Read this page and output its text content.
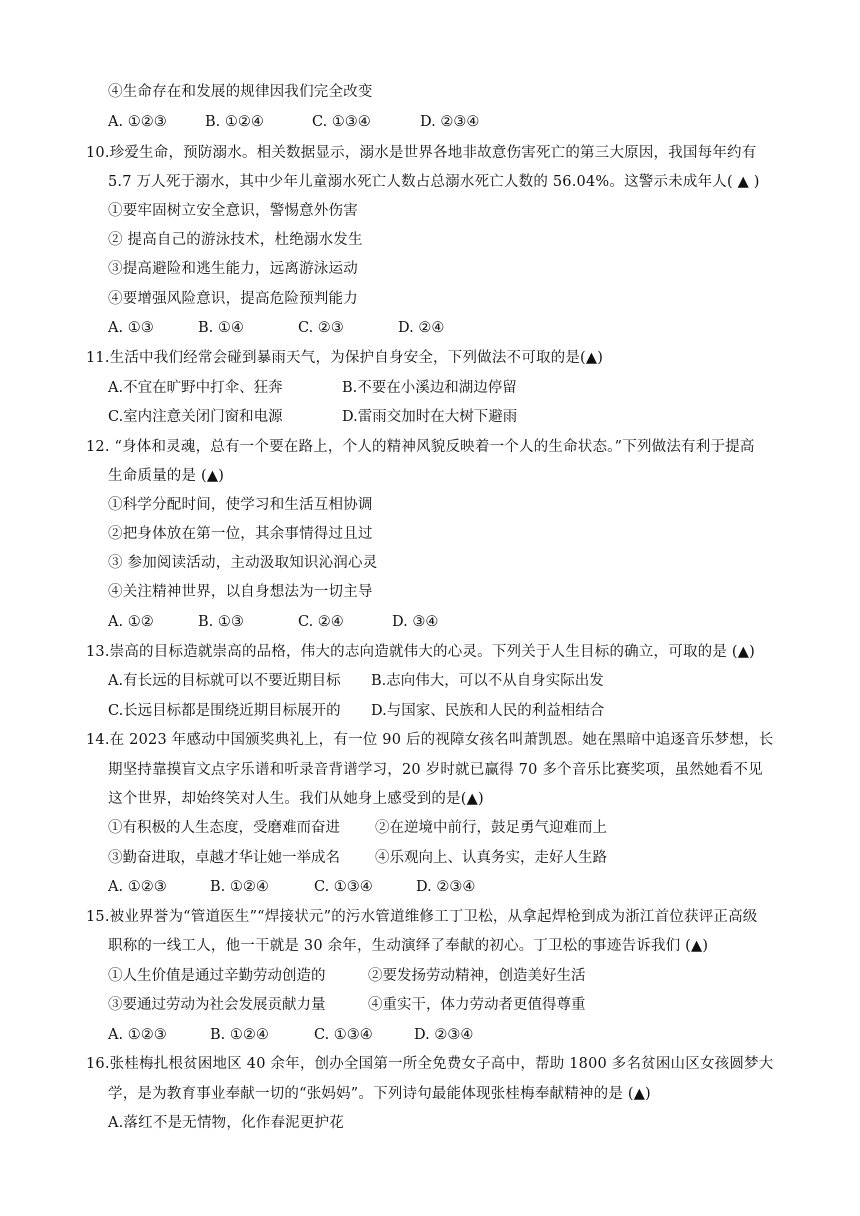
④生命存在和发展的规律因我们完全改变
A. ①②③	B. ①②④	C. ①③④	D. ②③④
10.珍爱生命，预防溺水。相关数据显示，溺水是世界各地非故意伤害死亡的第三大原因，我国每年约有
5.7 万人死于溺水，其中少年儿童溺水死亡人数占总溺水死亡人数的 56.04%。这警示未成年人( ▲ )
①要牢固树立安全意识，警惕意外伤害
② 提高自己的游泳技术，杜绝溺水发生
③提高避险和逃生能力，远离游泳运动
④要增强风险意识，提高危险预判能力
A. ①③	B. ①④	C. ②③	D. ②④
11.生活中我们经常会碰到暴雨天气，为保护自身安全，下列做法不可取的是(▲)
A.不宜在旷野中打伞、狂奔	B.不要在小溪边和湖边停留
C.室内注意关闭门窗和电源	D.雷雨交加时在大树下避雨
12. “身体和灵魂，总有一个要在路上，个人的精神风貌反映着一个人的生命状态。”下列做法有利于提高
生命质量的是 (▲)
①科学分配时间，使学习和生活互相协调
②把身体放在第一位，其余事情得过且过
③ 参加阅读活动，主动汲取知识沁润心灵
④关注精神世界，以自身想法为一切主导
A. ①②	B. ①③	C. ②④	D. ③④
13.崇高的目标造就崇高的品格，伟大的志向造就伟大的心灵。下列关于人生目标的确立，可取的是 (▲)
A.有长远的目标就可以不要近期目标 B.志向伟大，可以不从自身实际出发
C.长远目标都是围绕近期目标展开的 D.与国家、民族和人民的利益相结合
14.在 2023 年感动中国颁奖典礼上，有一位 90 后的视障女孩名叫萧凯恩。她在黑暗中追逐音乐梦想，长
期坚持靠摸盲文点字乐谱和听录音背谱学习，20 岁时就已赢得 70 多个音乐比赛奖项，虽然她看不见
这个世界，却始终笑对人生。我们从她身上感受到的是(▲)
①有积极的人生态度，受磨难而奋进 ②在逆境中前行，鼓足勇气迎难而上
③勤奋进取，卓越才华让她一举成名 ④乐观向上、认真务实，走好人生路
A. ①②③	B. ①②④	C. ①③④	D. ②③④
15.被业界誉为“管道医生”“焊接状元”的污水管道维修工丁卫松，从拿起焊枪到成为浙江首位获评正高级
职称的一线工人，他一干就是 30 余年，生动演绎了奉献的初心。丁卫松的事迹告诉我们 (▲)
①人生价值是通过辛勤劳动创造的	②要发扬劳动精神，创造美好生活
③要通过劳动为社会发展贡献力量	④重实干，体力劳动者更值得尊重
A. ①②③	B. ①②④	C. ①③④	D. ②③④
16.张桂梅扎根贫困地区 40 余年，创办全国第一所全免费女子高中，帮助 1800 多名贫困山区女孩圆梦大
学，是为教育事业奉献一切的“张妈妈”。下列诗句最能体现张桂梅奉献精神的是 (▲)
A.落红不是无情物，化作春泥更护花
